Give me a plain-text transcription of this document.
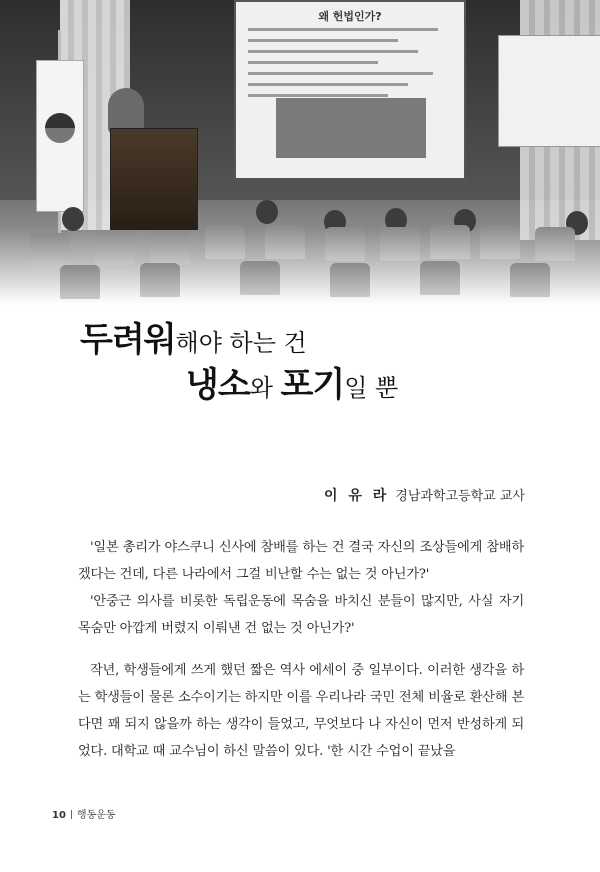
왜 헌법인가?
두려워해야 하는 건
냉소와 포기일 뿐
이 유 라 경남과학고등학교 교사

'일본 총리가 야스쿠니 신사에 참배를 하는 건 결국 자신의 조상들에게 참배하겠다는 건데, 다른 나라에서 그걸 비난할 수는 없는 것 아닌가?'

'안중근 의사를 비롯한 독립운동에 목숨을 바치신 분들이 많지만, 사실 자기 목숨만 아깝게 버렸지 이뤄낸 건 없는 것 아닌가?'

작년, 학생들에게 쓰게 했던 짧은 역사 에세이 중 일부이다. 이러한 생각을 하는 학생들이 물론 소수이기는 하지만 이를 우리나라 국민 전체 비율로 환산해 본다면 꽤 되지 않을까 하는 생각이 들었고, 무엇보다 나 자신이 먼저 반성하게 되었다. 대학교 때 교수님이 하신 말씀이 있다. '한 시간 수업이 끝났을

10 행동운동
